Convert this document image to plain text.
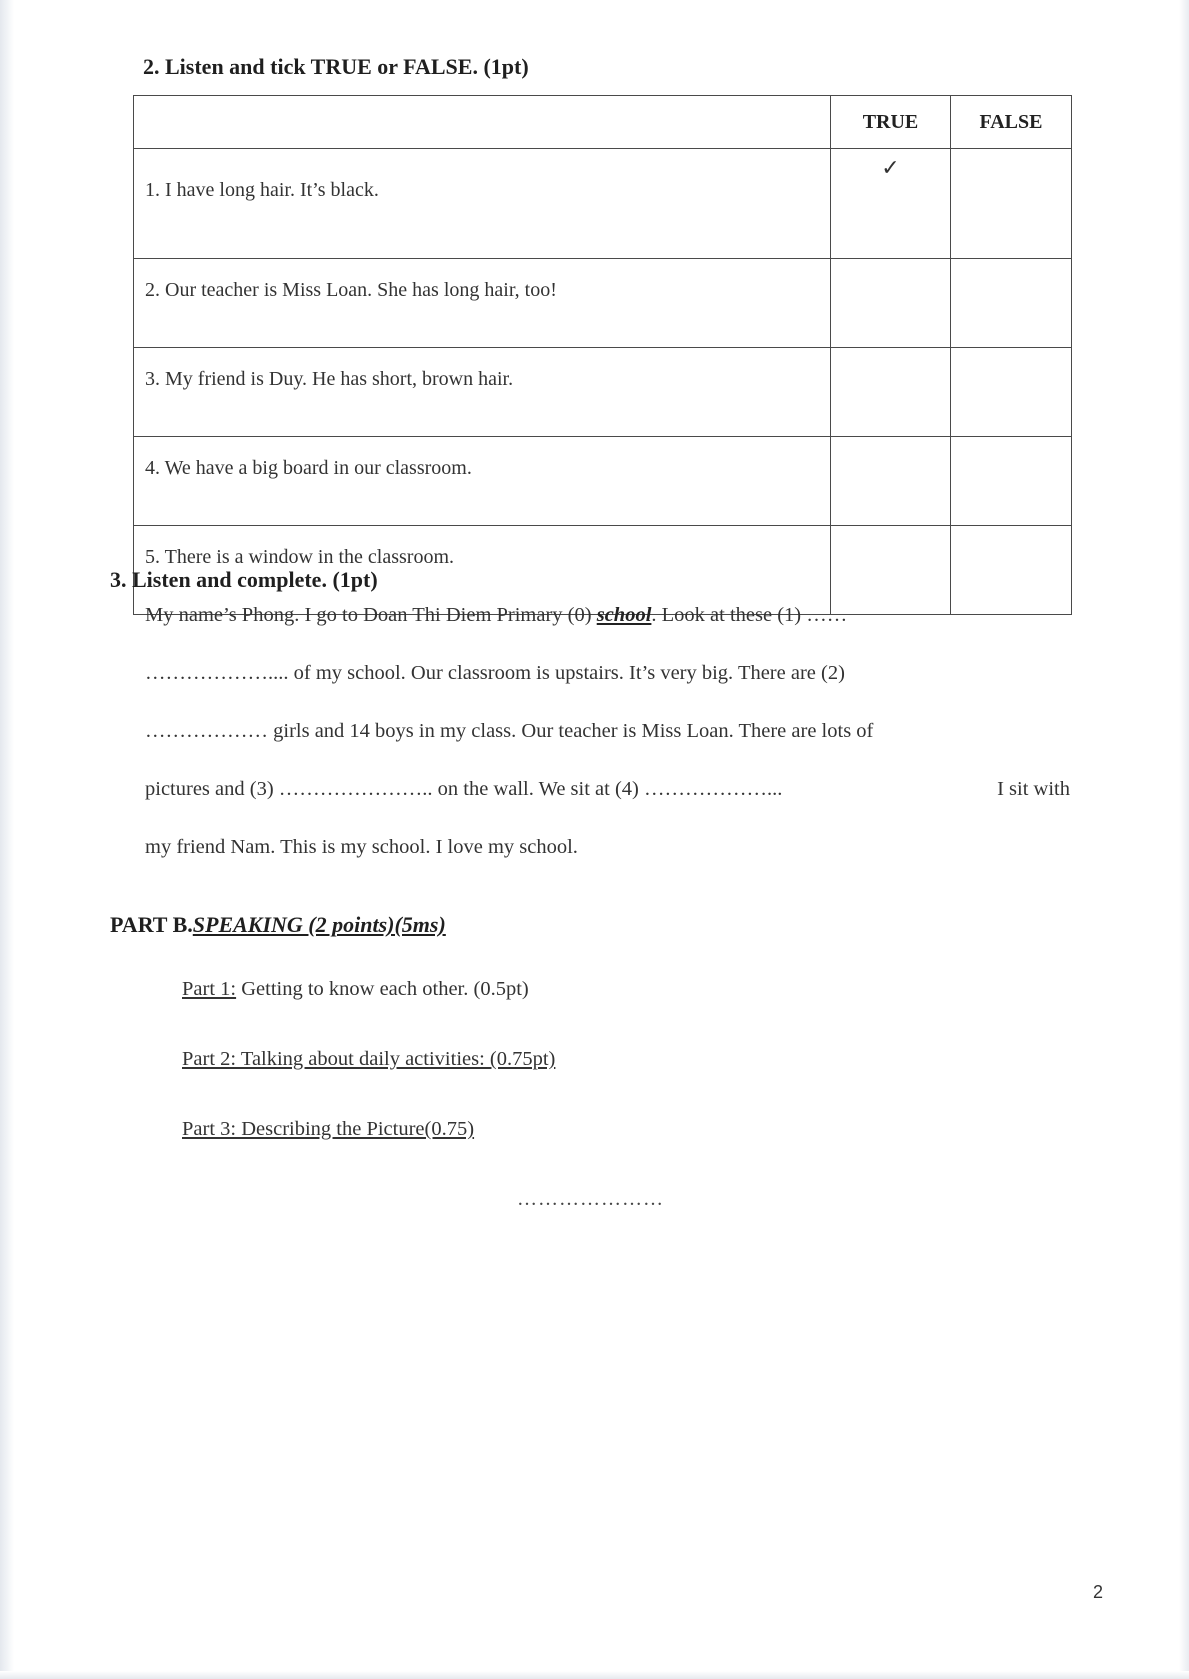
2. Listen and tick TRUE or FALSE. (1pt)
	TRUE	FALSE
1. I have long hair. It’s black.	✓	
2. Our teacher is Miss Loan. She has long hair, too!		
3. My friend is Duy. He has short, brown hair.		
4. We have a big board in our classroom.		
5. There is a window in the classroom.		
3. Listen and complete. (1pt)
My name’s Phong. I go to Doan Thi Diem Primary (0) school. Look at these (1) ……
……………….... of my school. Our classroom is upstairs. It’s very big. There are (2)
……………… girls and 14 boys in my class. Our teacher is Miss Loan. There are lots of
pictures and (3) ………………….. on the wall. We sit at (4) ………………...	I sit with
my friend Nam. This is my school. I love my school.
PART B.SPEAKING (2 points)(5ms)
Part 1: Getting to know each other. (0.5pt)
Part 2: Talking about daily activities: (0.75pt)
Part 3: Describing the Picture(0.75)
…………………
2
